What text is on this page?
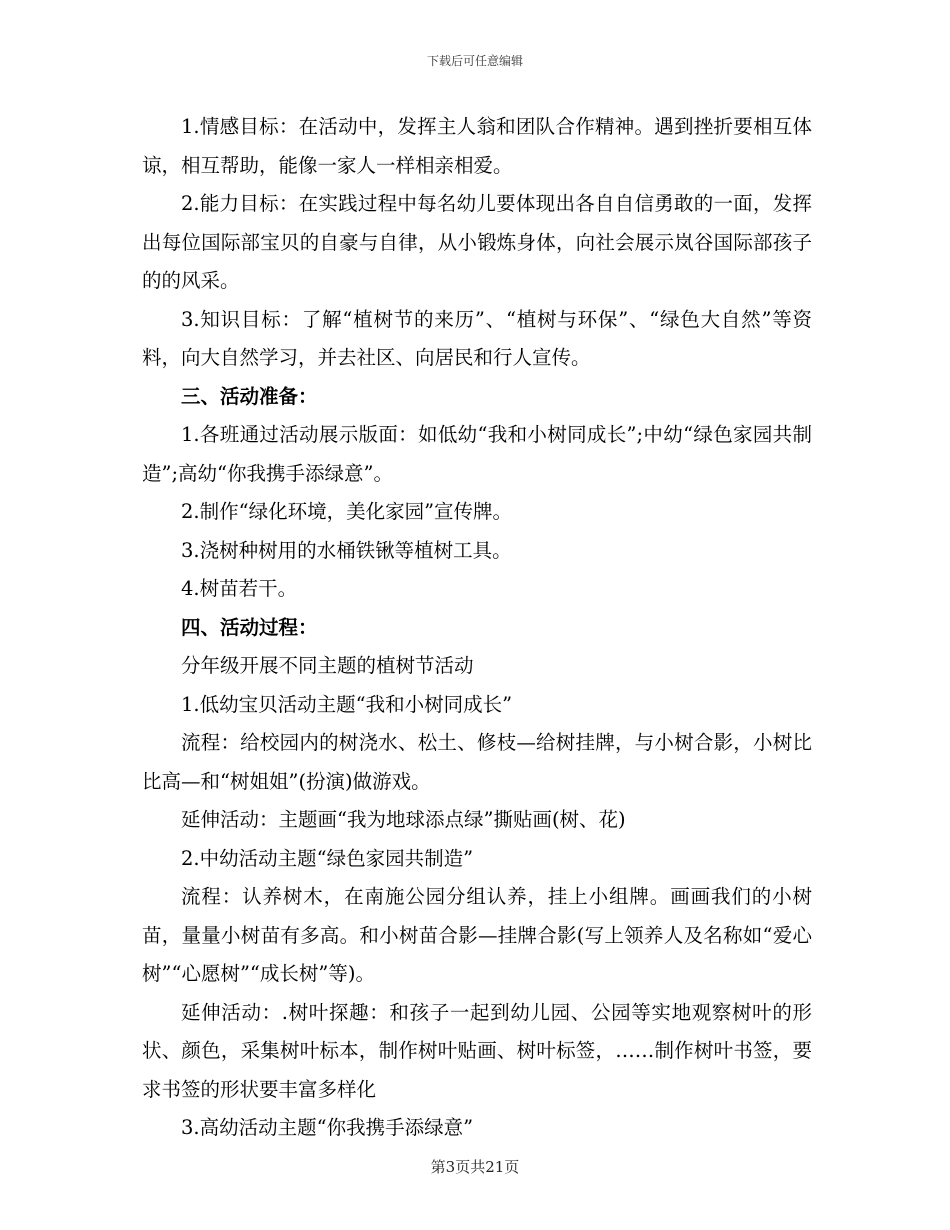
下载后可任意编辑

1.情感目标：在活动中，发挥主人翁和团队合作精神。遇到挫折要相互体谅，相互帮助，能像一家人一样相亲相爱。

2.能力目标：在实践过程中每名幼儿要体现出各自自信勇敢的一面，发挥出每位国际部宝贝的自豪与自律，从小锻炼身体，向社会展示岚谷国际部孩子的的风采。

3.知识目标：了解“植树节的来历”、“植树与环保”、“绿色大自然”等资料，向大自然学习，并去社区、向居民和行人宣传。

三、活动准备：

1.各班通过活动展示版面：如低幼“我和小树同成长”;中幼“绿色家园共制造”;高幼“你我携手添绿意”。

2.制作“绿化环境，美化家园”宣传牌。

3.浇树种树用的水桶铁锹等植树工具。

4.树苗若干。

四、活动过程：

分年级开展不同主题的植树节活动

1.低幼宝贝活动主题“我和小树同成长”

流程：给校园内的树浇水、松土、修枝—给树挂牌，与小树合影，小树比比高—和“树姐姐”(扮演)做游戏。

延伸活动：主题画“我为地球添点绿”撕贴画(树、花)

2.中幼活动主题“绿色家园共制造”

流程：认养树木，在南施公园分组认养，挂上小组牌。画画我们的小树苗，量量小树苗有多高。和小树苗合影—挂牌合影(写上领养人及名称如“爱心树”“心愿树”“成长树”等)。

延伸活动：.树叶探趣：和孩子一起到幼儿园、公园等实地观察树叶的形状、颜色，采集树叶标本，制作树叶贴画、树叶标签，……制作树叶书签，要求书签的形状要丰富多样化

3.高幼活动主题“你我携手添绿意”

第3页共21页
